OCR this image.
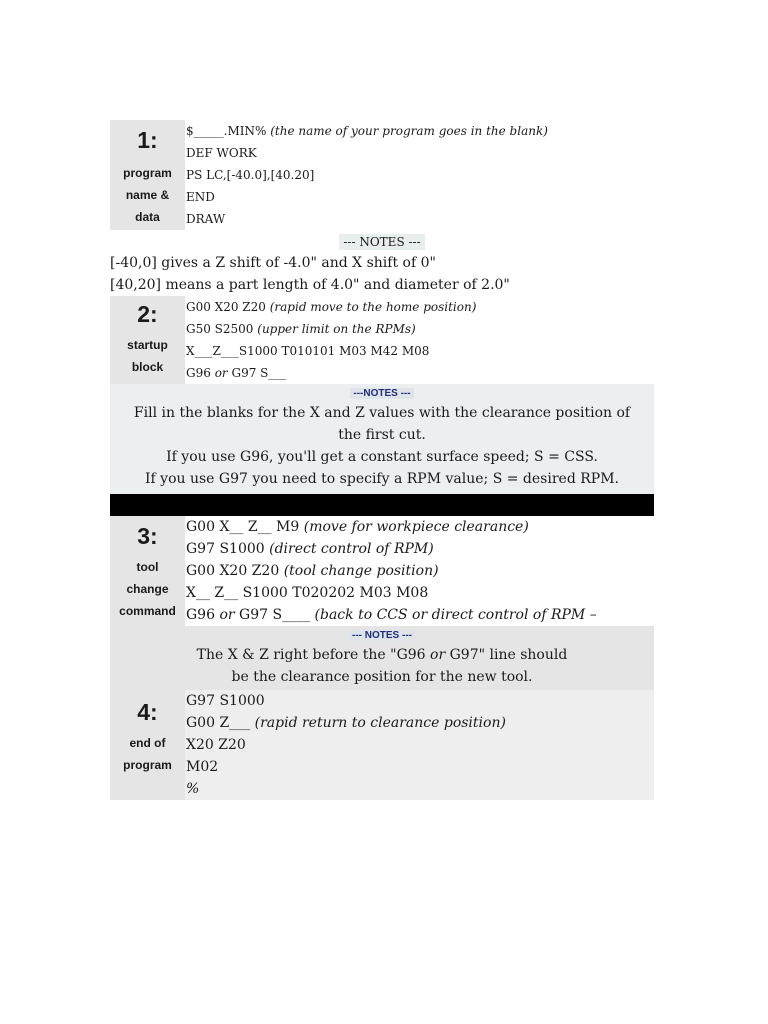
1:
program
name &
data
$_____.MIN% (the name of your program goes in the blank)
DEF WORK
PS LC,[-40.0],[40.20]
END
DRAW
--- NOTES ---
[-40,0] gives a Z shift of -4.0" and X shift of 0"
[40,20] means a part length of 4.0" and diameter of 2.0"
2:
startup
block
G00 X20 Z20 (rapid move to the home position)
G50 S2500 (upper limit on the RPMs)
X___Z___S1000 T010101 M03 M42 M08
G96 or G97 S___
---NOTES ---
Fill in the blanks for the X and Z values with the clearance position of
the first cut.
If you use G96, you'll get a constant surface speed; S = CSS.
If you use G97 you need to specify a RPM value; S = desired RPM.
3:
tool
change
command
G00 X__ Z__ M9 (move for workpiece clearance)
G97 S1000 (direct control of RPM)
G00 X20 Z20 (tool change position)
X__ Z__ S1000 T020202 M03 M08
G96 or G97 S____ (back to CCS or direct control of RPM –
--- NOTES ---
The X & Z right before the "G96 or G97" line should
be the clearance position for the new tool.
4:
end of
program
G97 S1000
G00 Z___ (rapid return to clearance position)
X20 Z20
M02
%
